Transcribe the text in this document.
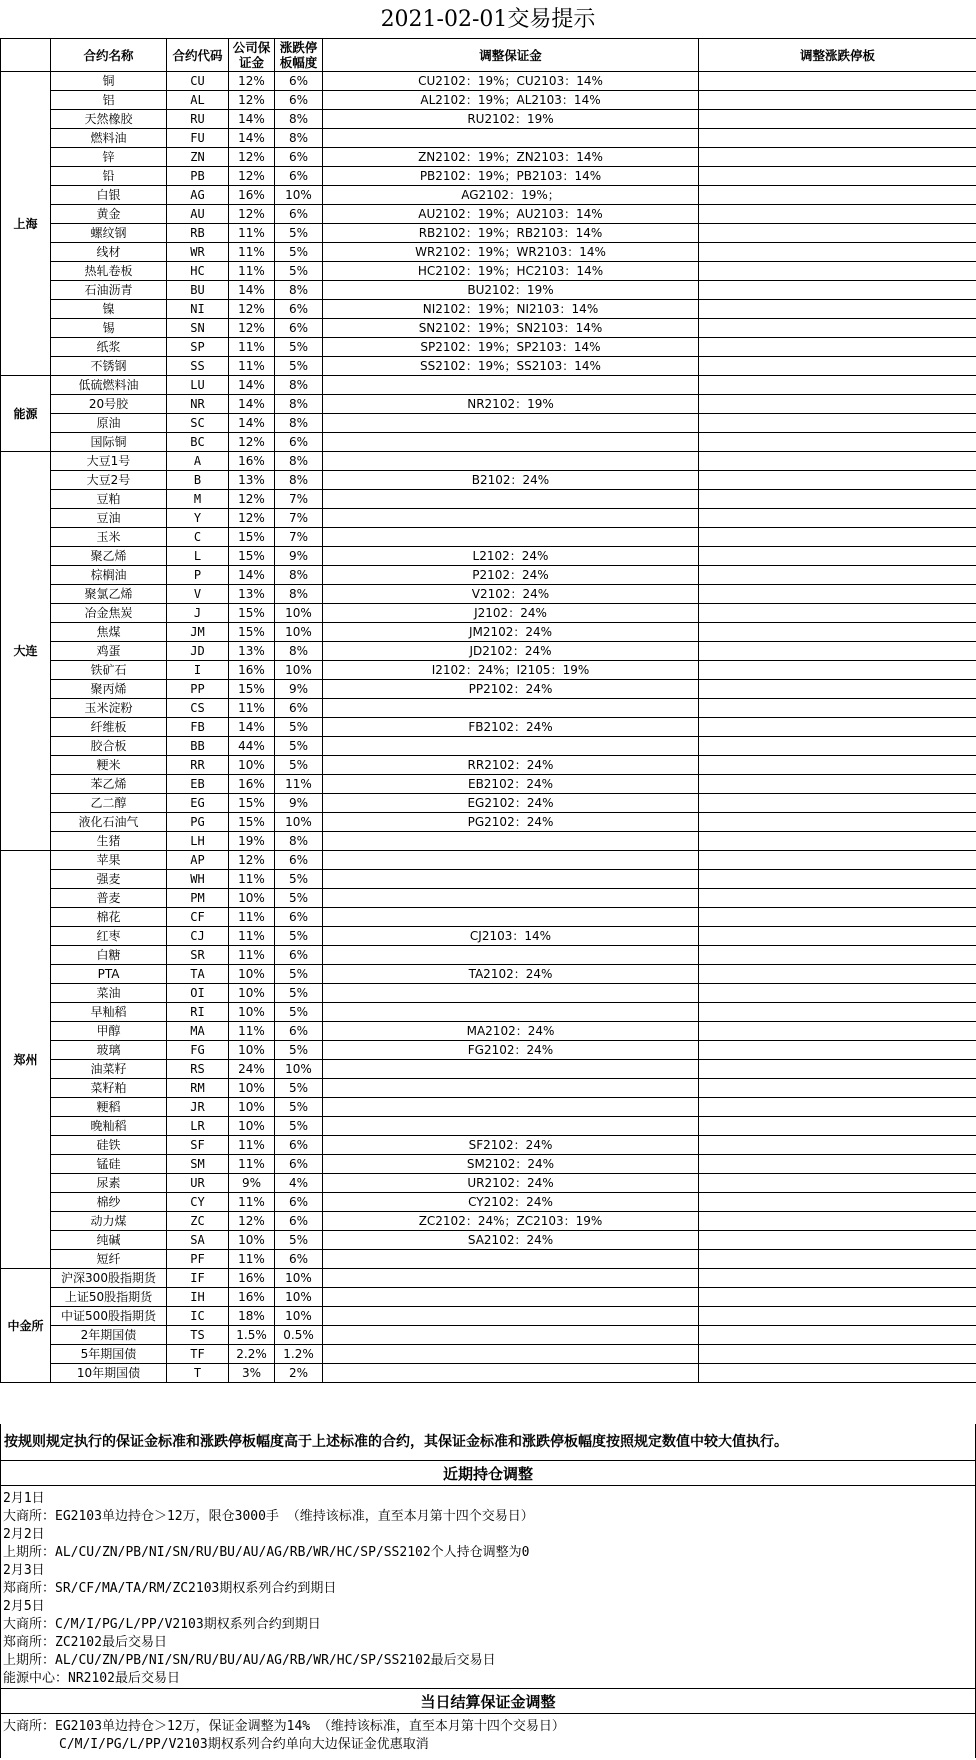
2021-02-01交易提示
	合约名称	合约代码	公司保证金	涨跌停板幅度	调整保证金	调整涨跌停板
上海	铜	CU	12%	6%	CU2102：19%；CU2103：14%	
	铝	AL	12%	6%	AL2102：19%；AL2103：14%	
	天然橡胶	RU	14%	8%	RU2102：19%	
	燃料油	FU	14%	8%		
	锌	ZN	12%	6%	ZN2102：19%；ZN2103：14%	
	铅	PB	12%	6%	PB2102：19%；PB2103：14%	
	白银	AG	16%	10%	AG2102：19%；	
	黄金	AU	12%	6%	AU2102：19%；AU2103：14%	
	螺纹钢	RB	11%	5%	RB2102：19%；RB2103：14%	
	线材	WR	11%	5%	WR2102：19%；WR2103：14%	
	热轧卷板	HC	11%	5%	HC2102：19%；HC2103：14%	
	石油沥青	BU	14%	8%	BU2102：19%	
	镍	NI	12%	6%	NI2102：19%；NI2103：14%	
	锡	SN	12%	6%	SN2102：19%；SN2103：14%	
	纸浆	SP	11%	5%	SP2102：19%；SP2103：14%	
	不锈钢	SS	11%	5%	SS2102：19%；SS2103：14%	
能源	低硫燃料油	LU	14%	8%		
	20号胶	NR	14%	8%	NR2102：19%	
	原油	SC	14%	8%		
	国际铜	BC	12%	6%		
大连	大豆1号	A	16%	8%		
	大豆2号	B	13%	8%	B2102：24%	
	豆粕	M	12%	7%		
	豆油	Y	12%	7%		
	玉米	C	15%	7%		
	聚乙烯	L	15%	9%	L2102：24%	
	棕榈油	P	14%	8%	P2102：24%	
	聚氯乙烯	V	13%	8%	V2102：24%	
	冶金焦炭	J	15%	10%	J2102：24%	
	焦煤	JM	15%	10%	JM2102：24%	
	鸡蛋	JD	13%	8%	JD2102：24%	
	铁矿石	I	16%	10%	I2102：24%；I2105：19%	
	聚丙烯	PP	15%	9%	PP2102：24%	
	玉米淀粉	CS	11%	6%		
	纤维板	FB	14%	5%	FB2102：24%	
	胶合板	BB	44%	5%		
	粳米	RR	10%	5%	RR2102：24%	
	苯乙烯	EB	16%	11%	EB2102：24%	
	乙二醇	EG	15%	9%	EG2102：24%	
	液化石油气	PG	15%	10%	PG2102：24%	
	生猪	LH	19%	8%		
郑州	苹果	AP	12%	6%		
	强麦	WH	11%	5%		
	普麦	PM	10%	5%		
	棉花	CF	11%	6%		
	红枣	CJ	11%	5%	CJ2103：14%	
	白糖	SR	11%	6%		
	PTA	TA	10%	5%	TA2102：24%	
	菜油	OI	10%	5%		
	早籼稻	RI	10%	5%		
	甲醇	MA	11%	6%	MA2102：24%	
	玻璃	FG	10%	5%	FG2102：24%	
	油菜籽	RS	24%	10%		
	菜籽粕	RM	10%	5%		
	粳稻	JR	10%	5%		
	晚籼稻	LR	10%	5%		
	硅铁	SF	11%	6%	SF2102：24%	
	锰硅	SM	11%	6%	SM2102：24%	
	尿素	UR	9%	4%	UR2102：24%	
	棉纱	CY	11%	6%	CY2102：24%	
	动力煤	ZC	12%	6%	ZC2102：24%；ZC2103：19%	
	纯碱	SA	10%	5%	SA2102：24%	
	短纤	PF	11%	6%		
中金所	沪深300股指期货	IF	16%	10%		
	上证50股指期货	IH	16%	10%		
	中证500股指期货	IC	18%	10%		
	2年期国债	TS	1.5%	0.5%		
	5年期国债	TF	2.2%	1.2%		
	10年期国债	T	3%	2%		
按规则规定执行的保证金标准和涨跌停板幅度高于上述标准的合约，其保证金标准和涨跌停板幅度按照规定数值中较大值执行。
近期持仓调整
2月1日
大商所：EG2103单边持仓＞12万，限仓3000手 （维持该标准，直至本月第十四个交易日）
2月2日
上期所：AL/CU/ZN/PB/NI/SN/RU/BU/AU/AG/RB/WR/HC/SP/SS2102个人持仓调整为0
2月3日
郑商所：SR/CF/MA/TA/RM/ZC2103期权系列合约到期日
2月5日
大商所：C/M/I/PG/L/PP/V2103期权系列合约到期日
郑商所：ZC2102最后交易日
上期所：AL/CU/ZN/PB/NI/SN/RU/BU/AU/AG/RB/WR/HC/SP/SS2102最后交易日
能源中心：NR2102最后交易日
当日结算保证金调整
大商所：EG2103单边持仓＞12万，保证金调整为14% （维持该标准，直至本月第十四个交易日）
C/M/I/PG/L/PP/V2103期权系列合约单向大边保证金优惠取消
